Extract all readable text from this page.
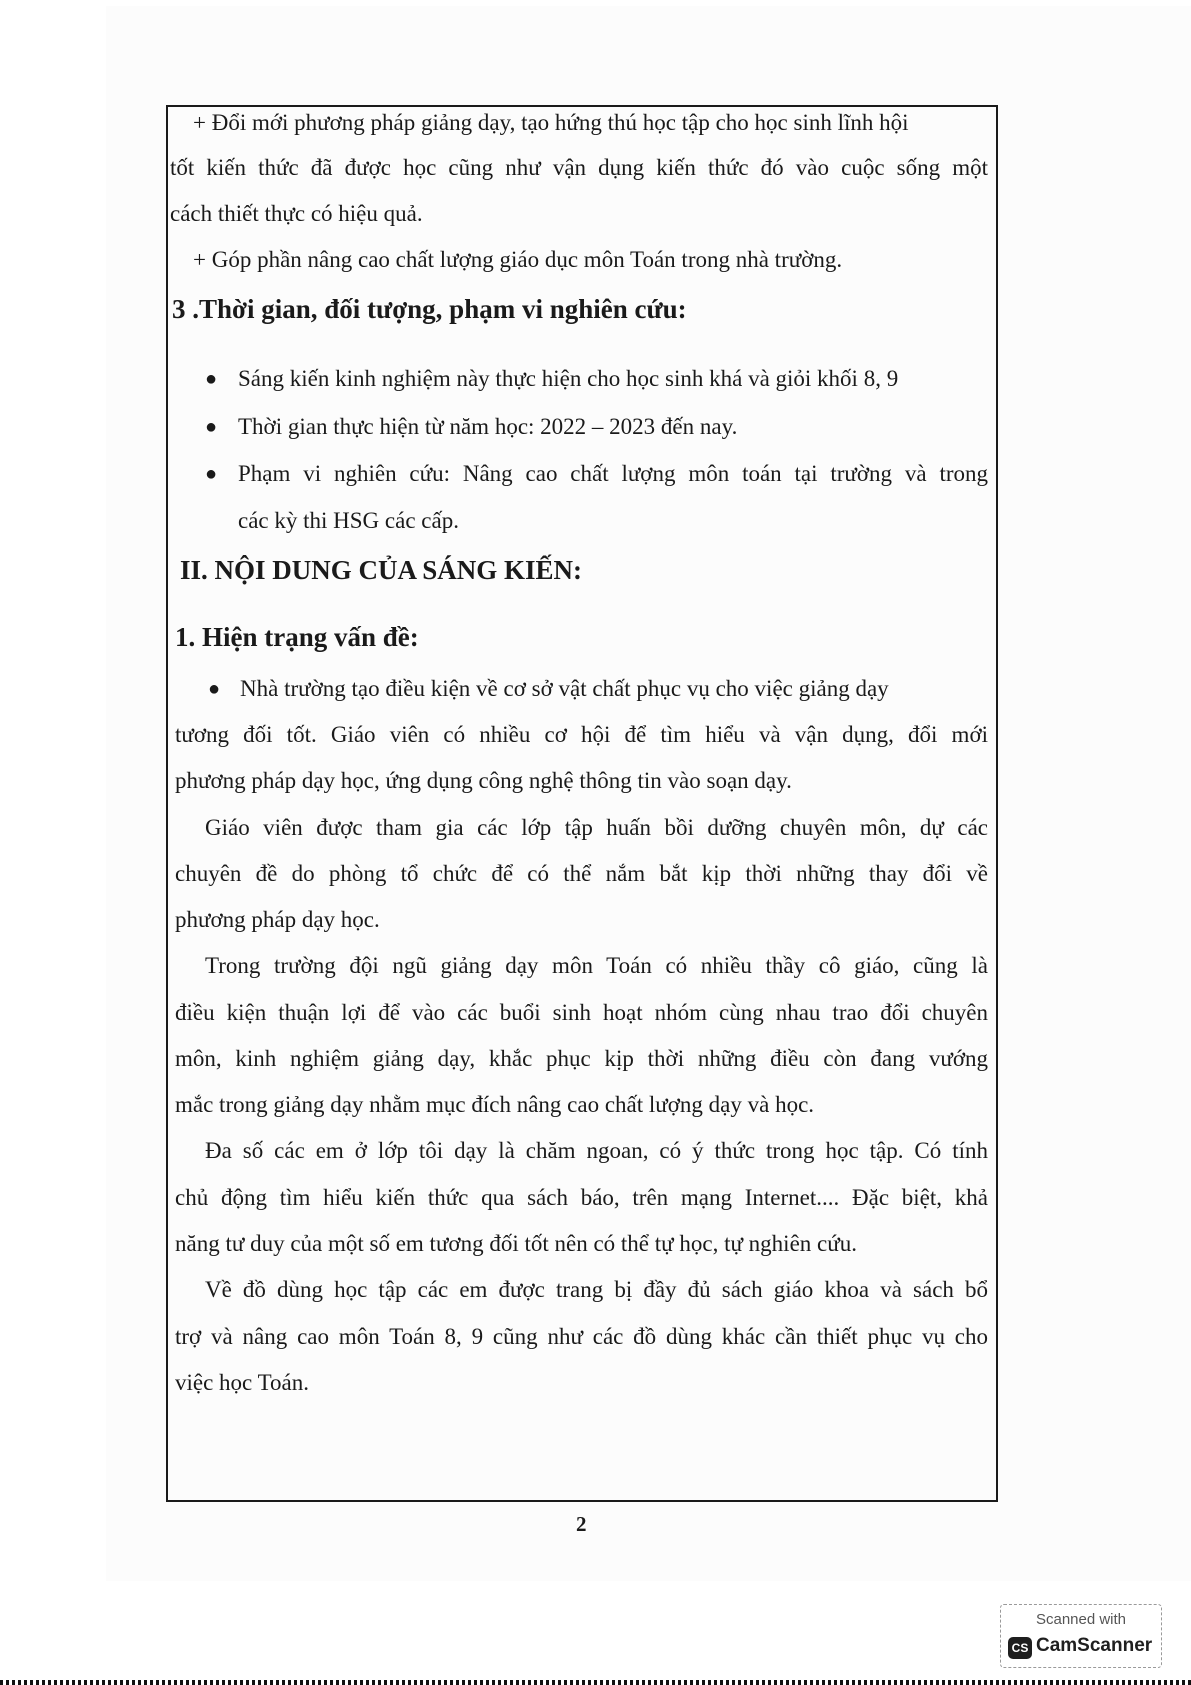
+ Đổi mới phương pháp giảng dạy, tạo hứng thú học tập cho học sinh lĩnh hội
tốt kiến thức đã được học cũng như vận dụng kiến thức đó vào cuộc sống một
cách thiết thực có hiệu quả.
+ Góp phần nâng cao chất lượng giáo dục môn Toán trong nhà trường.
3 .Thời gian, đối tượng, phạm vi nghiên cứu:
● Sáng kiến kinh nghiệm này thực hiện cho học sinh khá và giỏi khối 8, 9
● Thời gian thực hiện từ năm học: 2022 – 2023 đến nay.
● Phạm vi nghiên cứu: Nâng cao chất lượng môn toán tại trường và trong
các kỳ thi HSG các cấp.
II. NỘI DUNG CỦA SÁNG KIẾN:
1. Hiện trạng vấn đề:
● Nhà trường tạo điều kiện về cơ sở vật chất phục vụ cho việc giảng dạy
tương đối tốt. Giáo viên có nhiều cơ hội để tìm hiểu và vận dụng, đổi mới
phương pháp dạy học, ứng dụng công nghệ thông tin vào soạn dạy.
Giáo viên được tham gia các lớp tập huấn bồi dưỡng chuyên môn, dự các
chuyên đề do phòng tổ chức để có thể nắm bắt kịp thời những thay đổi về
phương pháp dạy học.
Trong trường đội ngũ giảng dạy môn Toán có nhiều thầy cô giáo, cũng là
điều kiện thuận lợi để vào các buổi sinh hoạt nhóm cùng nhau trao đổi chuyên
môn, kinh nghiệm giảng dạy, khắc phục kịp thời những điều còn đang vướng
mắc trong giảng dạy nhằm mục đích nâng cao chất lượng dạy và học.
Đa số các em ở lớp tôi dạy là chăm ngoan, có ý thức trong học tập. Có tính
chủ động tìm hiểu kiến thức qua sách báo, trên mạng Internet.... Đặc biệt, khả
năng tư duy của một số em tương đối tốt nên có thể tự học, tự nghiên cứu.
Về đồ dùng học tập các em được trang bị đầy đủ sách giáo khoa và sách bổ
trợ và nâng cao môn Toán 8, 9 cũng như các đồ dùng khác cần thiết phục vụ cho
việc học Toán.
2
Scanned with
CS CamScanner
